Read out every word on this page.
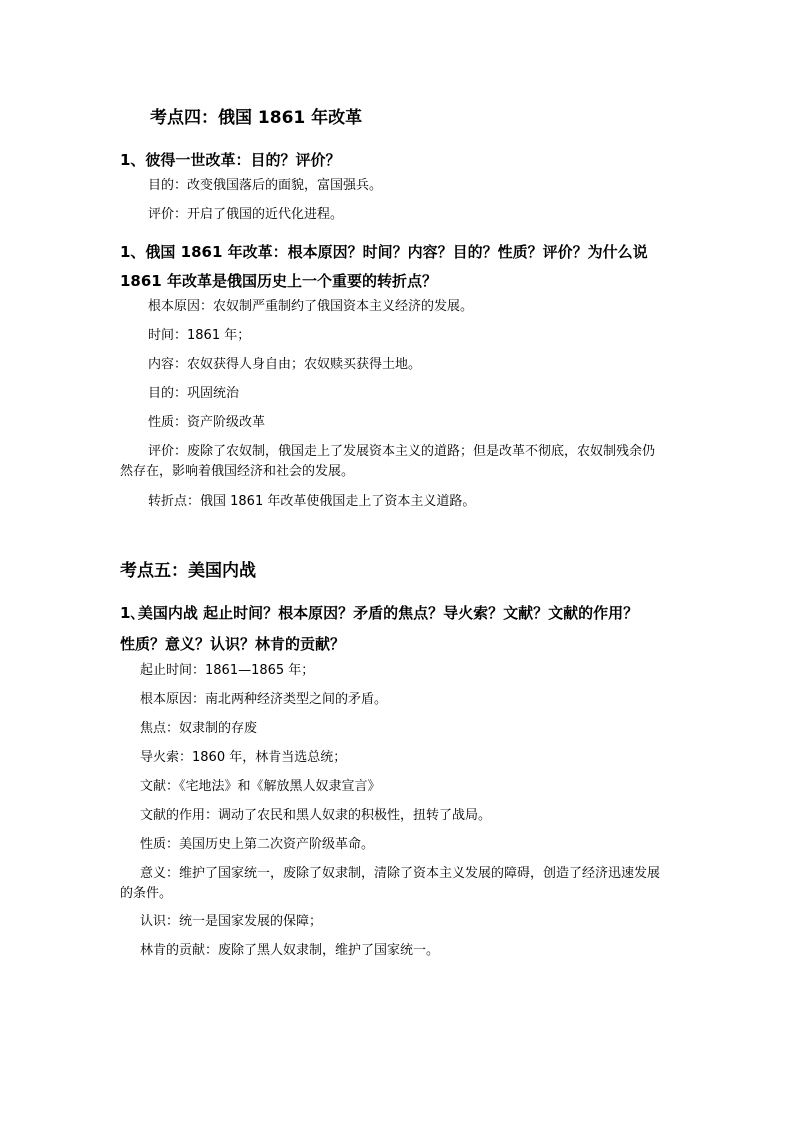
考点四：俄国 1861 年改革
1、彼得一世改革：目的？评价？
目的：改变俄国落后的面貌，富国强兵。
评价：开启了俄国的近代化进程。
1、俄国 1861 年改革：根本原因？时间？内容？目的？性质？评价？为什么说
1861 年改革是俄国历史上一个重要的转折点？
根本原因：农奴制严重制约了俄国资本主义经济的发展。
时间：1861 年；
内容：农奴获得人身自由；农奴赎买获得土地。
目的：巩固统治
性质：资产阶级改革
评价：废除了农奴制，俄国走上了发展资本主义的道路；但是改革不彻底，农奴制残余仍然存在，影响着俄国经济和社会的发展。
转折点：俄国 1861 年改革使俄国走上了资本主义道路。
考点五：美国内战
1､美国内战 起止时间？根本原因？矛盾的焦点？导火索？文献？文献的作用？
性质？意义？认识？林肯的贡献？
起止时间：1861—1865 年；
根本原因：南北两种经济类型之间的矛盾。
焦点：奴隶制的存废
导火索：1860 年，林肯当选总统；
文献：《宅地法》和《解放黑人奴隶宣言》
文献的作用：调动了农民和黑人奴隶的积极性，扭转了战局。
性质：美国历史上第二次资产阶级革命。
意义：维护了国家统一，废除了奴隶制，清除了资本主义发展的障碍，创造了经济迅速发展的条件。
认识：统一是国家发展的保障；
林肯的贡献：废除了黑人奴隶制，维护了国家统一。
